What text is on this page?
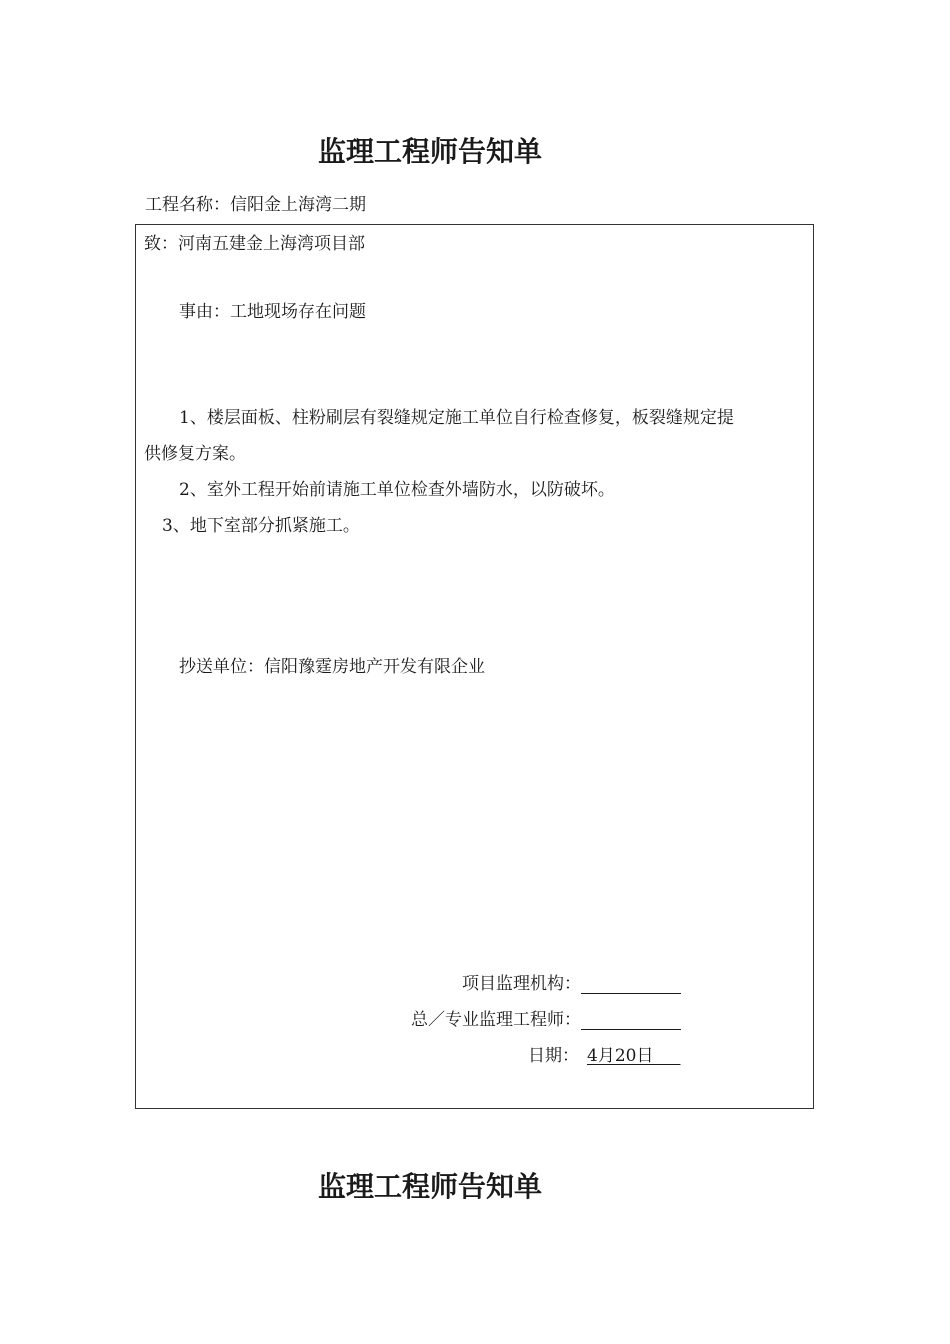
监理工程师告知单
工程名称：信阳金上海湾二期
致：河南五建金上海湾项目部
事由：工地现场存在问题
1、楼层面板、柱粉刷层有裂缝规定施工单位自行检查修复，板裂缝规定提
供修复方案。
2、室外工程开始前请施工单位检查外墙防水，以防破坏。
3、地下室部分抓紧施工。
抄送单位：信阳豫霆房地产开发有限企业
项目监理机构：
总／专业监理工程师：
日期： 4月20日
监理工程师告知单
